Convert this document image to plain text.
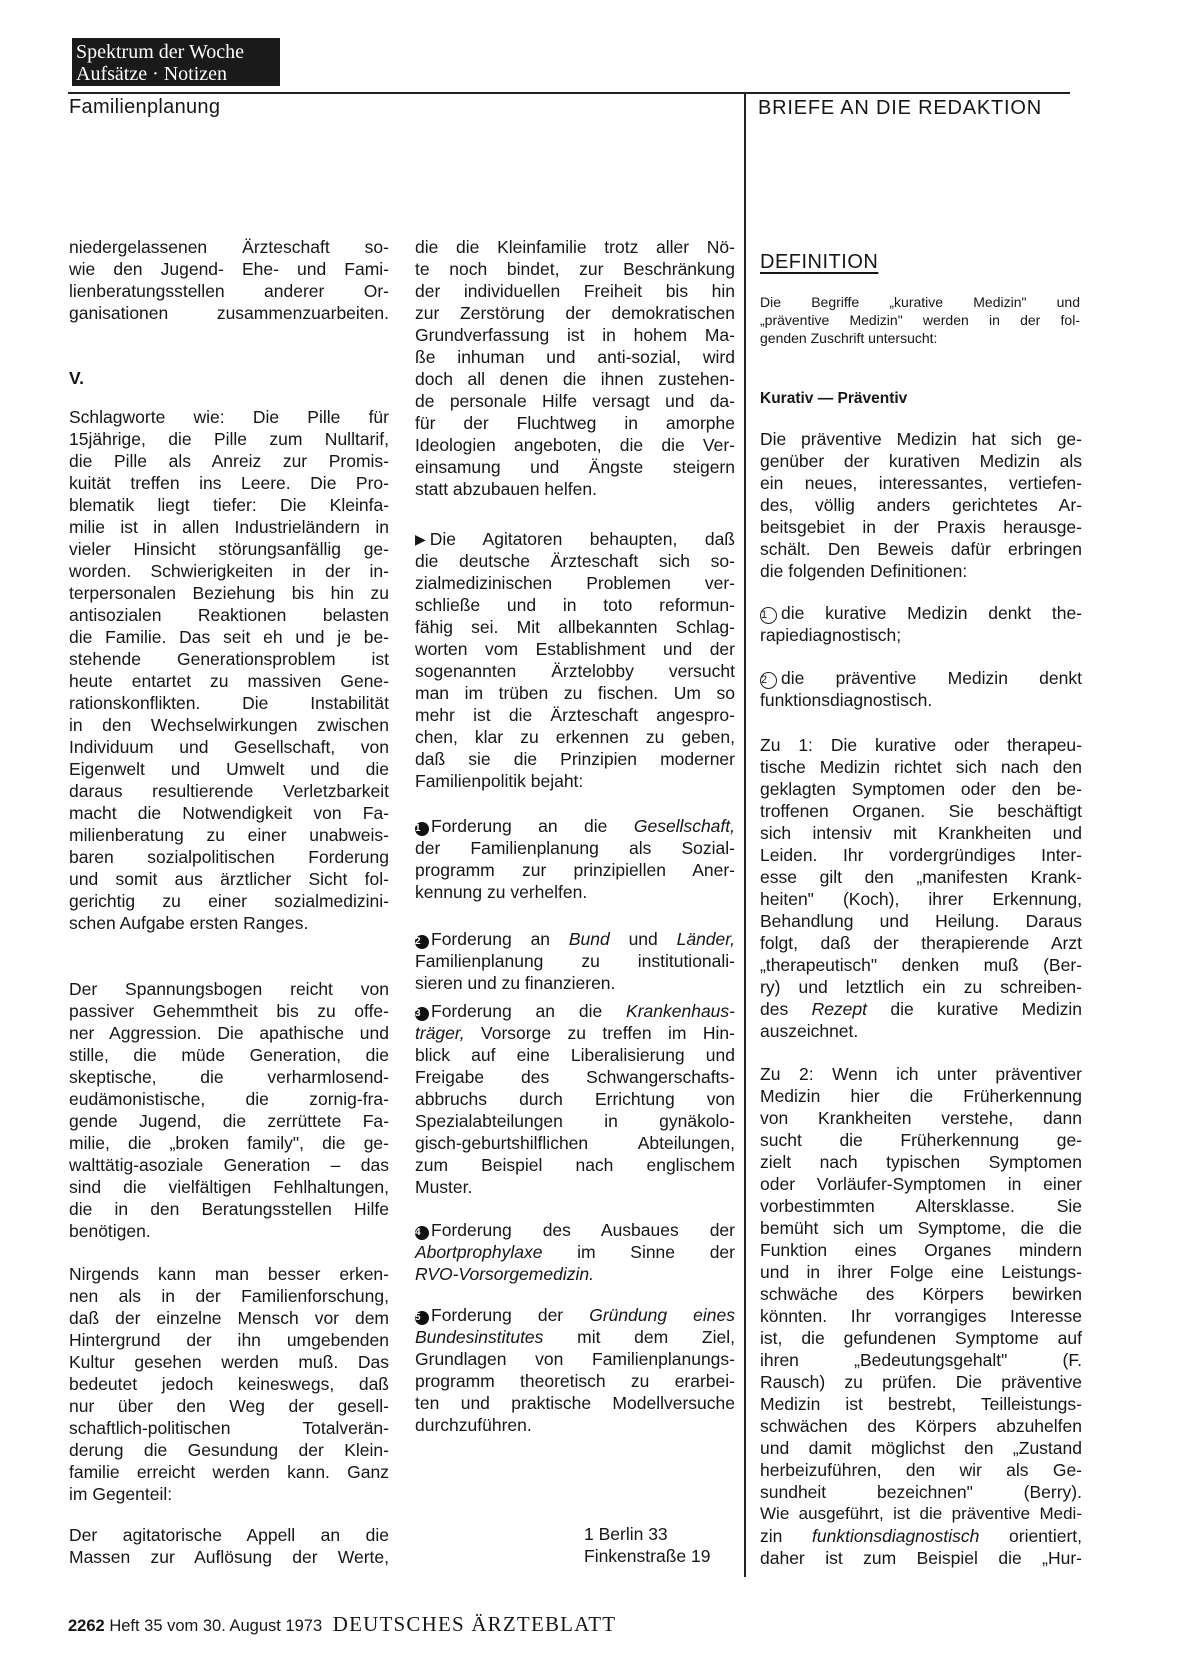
Spektrum der Woche
Aufsätze · Notizen
Familienplanung	BRIEFE AN DIE REDAKTION

niedergelassenen Ärzteschaft so-

wie den Jugend- Ehe- und Fami-

lienberatungsstellen anderer Or-

ganisationen zusammenzuarbeiten.

V.

Schlagworte wie: Die Pille für

15jährige, die Pille zum Nulltarif,

die Pille als Anreiz zur Promis-

kuität treffen ins Leere. Die Pro-

blematik liegt tiefer: Die Kleinfa-

milie ist in allen Industrieländern in

vieler Hinsicht störungsanfällig ge-

worden. Schwierigkeiten in der in-

terpersonalen Beziehung bis hin zu

antisozialen Reaktionen belasten

die Familie. Das seit eh und je be-

stehende Generationsproblem ist

heute entartet zu massiven Gene-

rationskonflikten. Die Instabilität

in den Wechselwirkungen zwischen

Individuum und Gesellschaft, von

Eigenwelt und Umwelt und die

daraus resultierende Verletzbarkeit

macht die Notwendigkeit von Fa-

milienberatung zu einer unabweis-

baren sozialpolitischen Forderung

und somit aus ärztlicher Sicht fol-

gerichtig zu einer sozialmedizini-

schen Aufgabe ersten Ranges.

Der Spannungsbogen reicht von

passiver Gehemmtheit bis zu offe-

ner Aggression. Die apathische und

stille, die müde Generation, die

skeptische, die verharmlosend-

eudämonistische, die zornig-fra-

gende Jugend, die zerrüttete Fa-

milie, die „broken family", die ge-

walttätig-asoziale Generation – das

sind die vielfältigen Fehlhaltungen,

die in den Beratungsstellen Hilfe

benötigen.

Nirgends kann man besser erken-

nen als in der Familienforschung,

daß der einzelne Mensch vor dem

Hintergrund der ihn umgebenden

Kultur gesehen werden muß. Das

bedeutet jedoch keineswegs, daß

nur über den Weg der gesell-

schaftlich-politischen Totalverän-

derung die Gesundung der Klein-

familie erreicht werden kann. Ganz

im Gegenteil:

Der agitatorische Appell an die

Massen zur Auflösung der Werte,

die die Kleinfamilie trotz aller Nö-

te noch bindet, zur Beschränkung

der individuellen Freiheit bis hin

zur Zerstörung der demokratischen

Grundverfassung ist in hohem Ma-

ße inhuman und anti-sozial, wird

doch all denen die ihnen zustehen-

de personale Hilfe versagt und da-

für der Fluchtweg in amorphe

Ideologien angeboten, die die Ver-

einsamung und Ängste steigern

statt abzubauen helfen.

▶ Die Agitatoren behaupten, daß

die deutsche Ärzteschaft sich so-

zialmedizinischen Problemen ver-

schließe und in toto reformun-

fähig sei. Mit allbekannten Schlag-

worten vom Establishment und der

sogenannten Ärztelobby versucht

man im trüben zu fischen. Um so

mehr ist die Ärzteschaft angespro-

chen, klar zu erkennen zu geben,

daß sie die Prinzipien moderner

Familienpolitik bejaht:

1 Forderung an die Gesellschaft,

der Familienplanung als Sozial-

programm zur prinzipiellen Aner-

kennung zu verhelfen.

2 Forderung an Bund und Länder,

Familienplanung zu institutionali-

sieren und zu finanzieren.

3 Forderung an die Krankenhaus-

träger, Vorsorge zu treffen im Hin-

blick auf eine Liberalisierung und

Freigabe des Schwangerschafts-

abbruchs durch Errichtung von

Spezialabteilungen in gynäkolo-

gisch-geburtshilflichen Abteilungen,

zum Beispiel nach englischem

Muster.

4 Forderung des Ausbaues der

Abortprophylaxe im Sinne der

RVO-Vorsorgemedizin.

5 Forderung der Gründung eines

Bundesinstitutes mit dem Ziel,

Grundlagen von Familienplanungs-

programm theoretisch zu erarbei-

ten und praktische Modellversuche

durchzuführen.

1 Berlin 33
Finkenstraße 19
DEFINITION
Die Begriffe „kurative Medizin" und
„präventive Medizin" werden in der fol-
genden Zuschrift untersucht:
Kurativ — Präventiv

Die präventive Medizin hat sich ge-

genüber der kurativen Medizin als

ein neues, interessantes, vertiefen-

des, völlig anders gerichtetes Ar-

beitsgebiet in der Praxis herausge-

schält. Den Beweis dafür erbringen

die folgenden Definitionen:

1 die kurative Medizin denkt the-

rapiediagnostisch;

2 die präventive Medizin denkt

funktionsdiagnostisch.

Zu 1: Die kurative oder therapeu-

tische Medizin richtet sich nach den

geklagten Symptomen oder den be-

troffenen Organen. Sie beschäftigt

sich intensiv mit Krankheiten und

Leiden. Ihr vordergründiges Inter-

esse gilt den „manifesten Krank-

heiten" (Koch), ihrer Erkennung,

Behandlung und Heilung. Daraus

folgt, daß der therapierende Arzt

„therapeutisch" denken muß (Ber-

ry) und letztlich ein zu schreiben-

des Rezept die kurative Medizin

auszeichnet.

Zu 2: Wenn ich unter präventiver

Medizin hier die Früherkennung

von Krankheiten verstehe, dann

sucht die Früherkennung ge-

zielt nach typischen Symptomen

oder Vorläufer-Symptomen in einer

vorbestimmten Altersklasse. Sie

bemüht sich um Symptome, die die

Funktion eines Organes mindern

und in ihrer Folge eine Leistungs-

schwäche des Körpers bewirken

könnten. Ihr vorrangiges Interesse

ist, die gefundenen Symptome auf

ihren „Bedeutungsgehalt" (F.

Rausch) zu prüfen. Die präventive

Medizin ist bestrebt, Teilleistungs-

schwächen des Körpers abzuhelfen

und damit möglichst den „Zustand

herbeizuführen, den wir als Ge-

sundheit bezeichnen" (Berry).

Wie ausgeführt, ist die präventive Medi-

zin funktionsdiagnostisch orientiert,

daher ist zum Beispiel die „Hur-

2262 Heft 35 vom 30. August 1973 DEUTSCHES ÄRZTEBLATT
